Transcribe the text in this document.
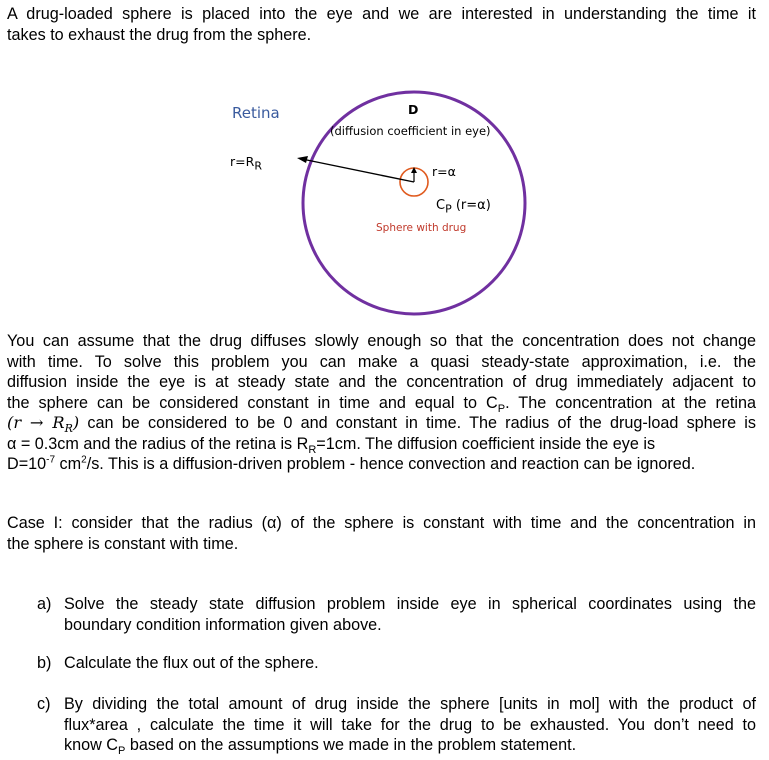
A drug-loaded sphere is placed into the eye and we are interested in understanding the time it
takes to exhaust the drug from the sphere.
Retina
$r=R_R$
D
(diffusion coefficient in eye)
r=α
$C_P$ (r=α)
Sphere with drug
You can assume that the drug diffuses slowly enough so that the concentration does not change
with time. To solve this problem you can make a quasi steady-state approximation, i.e. the
diffusion inside the eye is at steady state and the concentration of drug immediately adjacent to
the sphere can be considered constant in time and equal to $C_P$. The concentration at the retina
$(r \to R_R)$ can be considered to be 0 and constant in time. The radius of the drug-load sphere is
α = 0.3cm and the radius of the retina is $R_R=1cm$. The diffusion coefficient inside the eye is
$D=10^{-7}$ $cm^2/s$. This is a diffusion-driven problem - hence convection and reaction can be ignored.
Case I: consider that the radius (α) of the sphere is constant with time and the concentration in
the sphere is constant with time.
a) Solve the steady state diffusion problem inside eye in spherical coordinates using the
boundary condition information given above.
b) Calculate the flux out of the sphere.
c) By dividing the total amount of drug inside the sphere [units in mol] with the product of
flux*area , calculate the time it will take for the drug to be exhausted. You don’t need to
know $C_P$ based on the assumptions we made in the problem statement.
